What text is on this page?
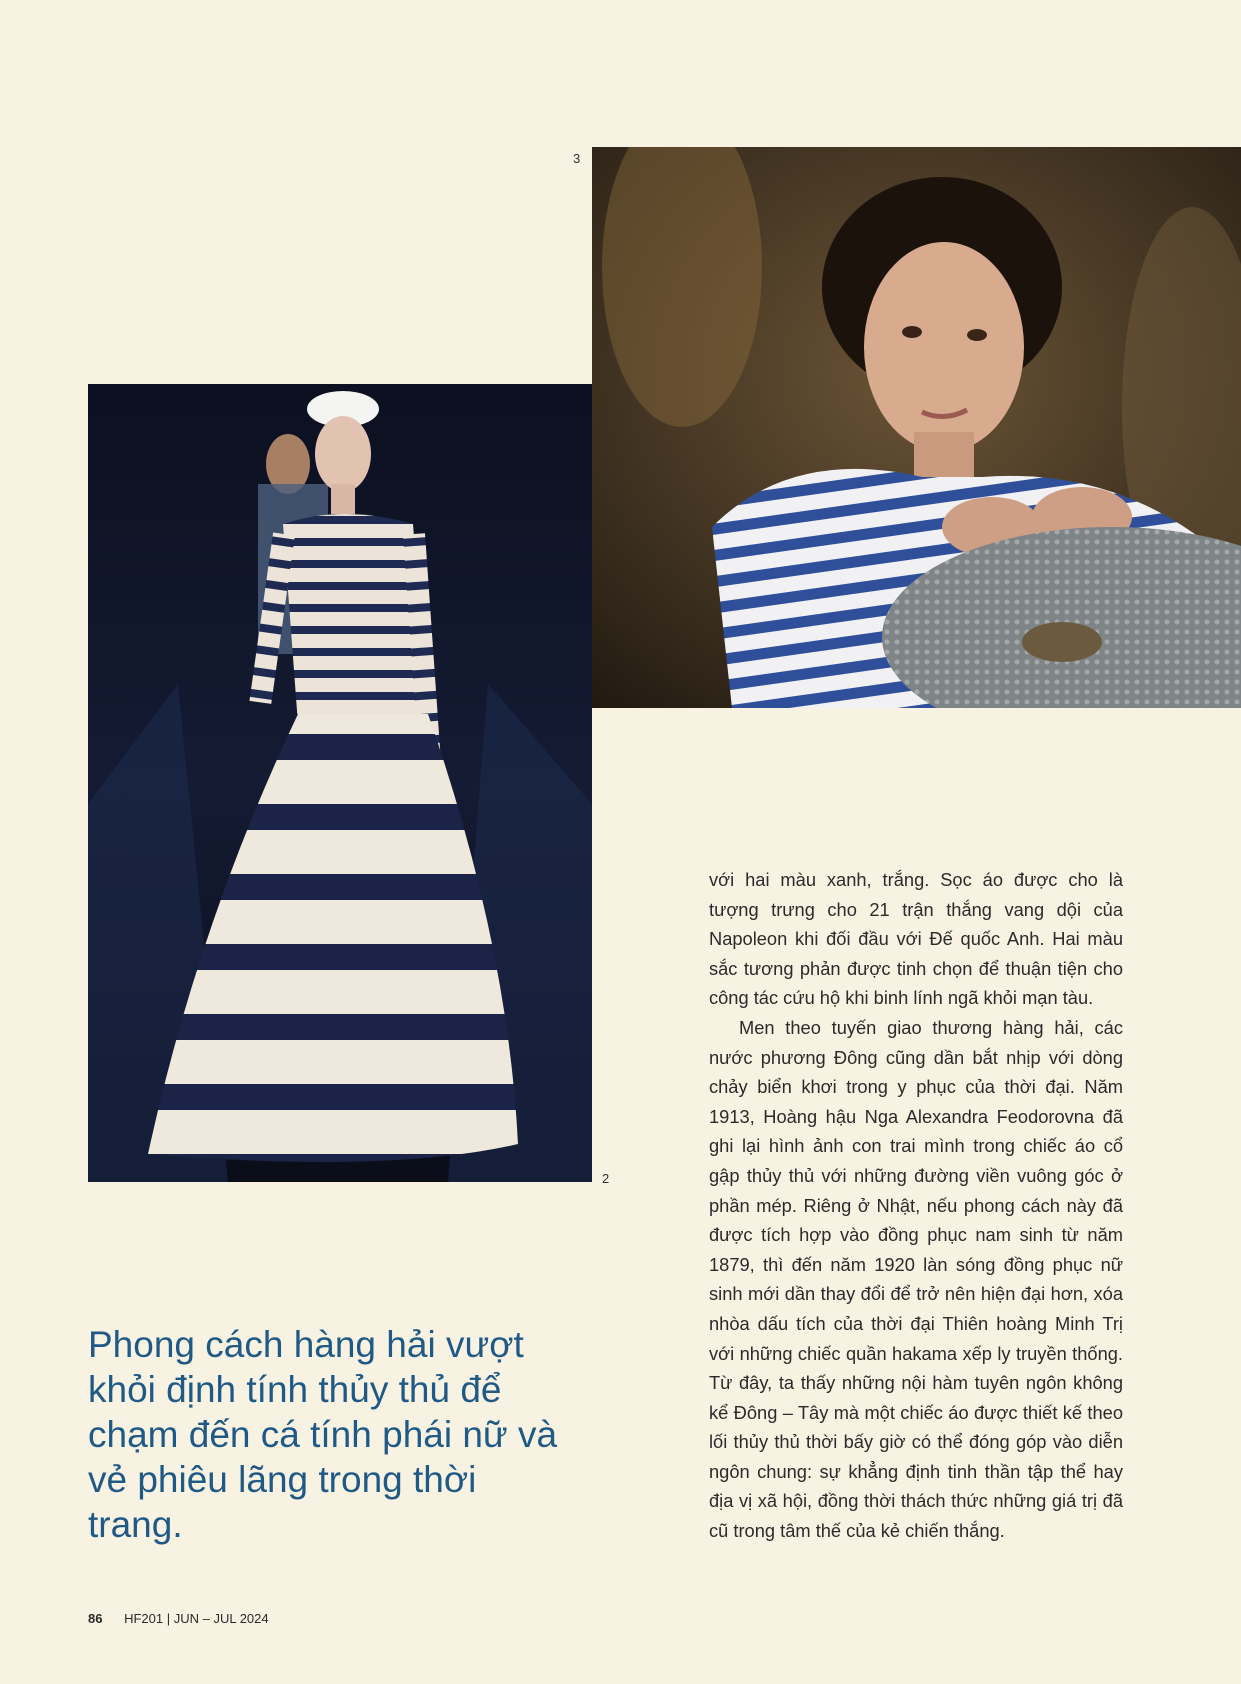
3
2

với hai màu xanh, trắng. Sọc áo được cho là tượng trưng cho 21 trận thắng vang dội của Napoleon khi đối đầu với Đế quốc Anh. Hai màu sắc tương phản được tinh chọn để thuận tiện cho công tác cứu hộ khi binh lính ngã khỏi mạn tàu.

Men theo tuyến giao thương hàng hải, các nước phương Đông cũng dần bắt nhịp với dòng chảy biển khơi trong y phục của thời đại. Năm 1913, Hoàng hậu Nga Alexandra Feodorovna đã ghi lại hình ảnh con trai mình trong chiếc áo cổ gập thủy thủ với những đường viền vuông góc ở phần mép. Riêng ở Nhật, nếu phong cách này đã được tích hợp vào đồng phục nam sinh từ năm 1879, thì đến năm 1920 làn sóng đồng phục nữ sinh mới dần thay đổi để trở nên hiện đại hơn, xóa nhòa dấu tích của thời đại Thiên hoàng Minh Trị với những chiếc quần hakama xếp ly truyền thống. Từ đây, ta thấy những nội hàm tuyên ngôn không kể Đông – Tây mà một chiếc áo được thiết kế theo lối thủy thủ thời bấy giờ có thể đóng góp vào diễn ngôn chung: sự khẳng định tinh thần tập thể hay địa vị xã hội, đồng thời thách thức những giá trị đã cũ trong tâm thế của kẻ chiến thắng.

Phong cách hàng hải vượt khỏi định tính thủy thủ để chạm đến cá tính phái nữ và vẻ phiêu lãng trong thời trang.
86 HF201 | JUN – JUL 2024
